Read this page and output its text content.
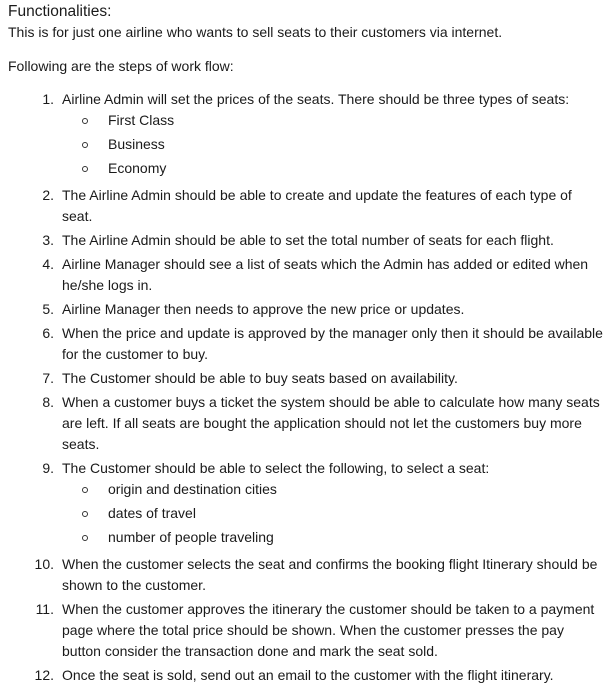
Functionalities:

This is for just one airline who wants to sell seats to their customers via internet.

Following are the steps of work flow:

1. Airline Admin will set the prices of the seats. There should be three types of seats:
First Class
Business
Economy
2. The Airline Admin should be able to create and update the features of each type of seat.
3. The Airline Admin should be able to set the total number of seats for each flight.
4. Airline Manager should see a list of seats which the Admin has added or edited when he/she logs in.
5. Airline Manager then needs to approve the new price or updates.
6. When the price and update is approved by the manager only then it should be available for the customer to buy.
7. The Customer should be able to buy seats based on availability.
8. When a customer buys a ticket the system should be able to calculate how many seats are left. If all seats are bought the application should not let the customers buy more seats.
9. The Customer should be able to select the following, to select a seat:
origin and destination cities
dates of travel
number of people traveling
10. When the customer selects the seat and confirms the booking flight Itinerary should be shown to the customer.
11. When the customer approves the itinerary the customer should be taken to a payment page where the total price should be shown. When the customer presses the pay button consider the transaction done and mark the seat sold.
12. Once the seat is sold, send out an email to the customer with the flight itinerary.
